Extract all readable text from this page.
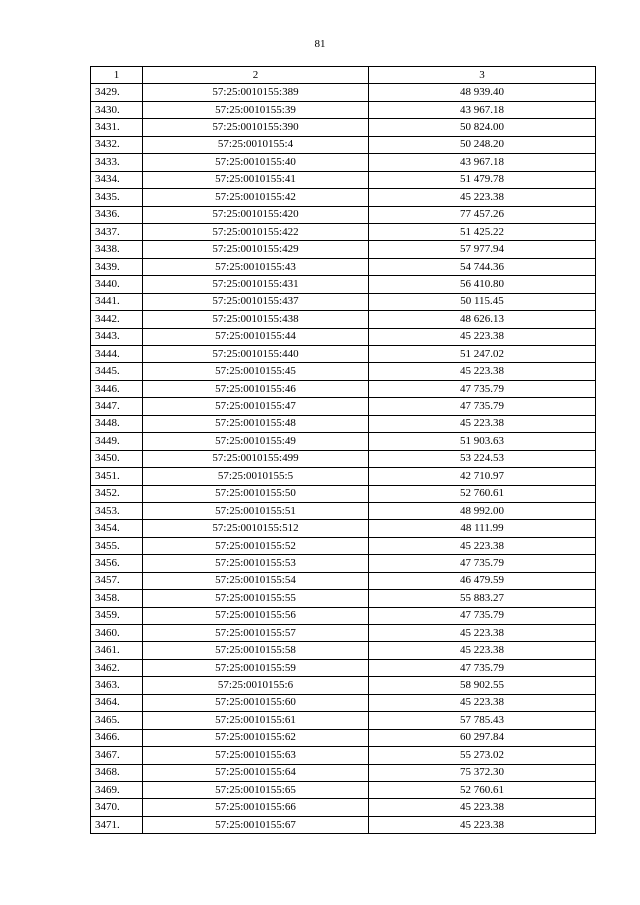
81
1	2	3
3429.	57:25:0010155:389	48 939.40
3430.	57:25:0010155:39	43 967.18
3431.	57:25:0010155:390	50 824.00
3432.	57:25:0010155:4	50 248.20
3433.	57:25:0010155:40	43 967.18
3434.	57:25:0010155:41	51 479.78
3435.	57:25:0010155:42	45 223.38
3436.	57:25:0010155:420	77 457.26
3437.	57:25:0010155:422	51 425.22
3438.	57:25:0010155:429	57 977.94
3439.	57:25:0010155:43	54 744.36
3440.	57:25:0010155:431	56 410.80
3441.	57:25:0010155:437	50 115.45
3442.	57:25:0010155:438	48 626.13
3443.	57:25:0010155:44	45 223.38
3444.	57:25:0010155:440	51 247.02
3445.	57:25:0010155:45	45 223.38
3446.	57:25:0010155:46	47 735.79
3447.	57:25:0010155:47	47 735.79
3448.	57:25:0010155:48	45 223.38
3449.	57:25:0010155:49	51 903.63
3450.	57:25:0010155:499	53 224.53
3451.	57:25:0010155:5	42 710.97
3452.	57:25:0010155:50	52 760.61
3453.	57:25:0010155:51	48 992.00
3454.	57:25:0010155:512	48 111.99
3455.	57:25:0010155:52	45 223.38
3456.	57:25:0010155:53	47 735.79
3457.	57:25:0010155:54	46 479.59
3458.	57:25:0010155:55	55 883.27
3459.	57:25:0010155:56	47 735.79
3460.	57:25:0010155:57	45 223.38
3461.	57:25:0010155:58	45 223.38
3462.	57:25:0010155:59	47 735.79
3463.	57:25:0010155:6	58 902.55
3464.	57:25:0010155:60	45 223.38
3465.	57:25:0010155:61	57 785.43
3466.	57:25:0010155:62	60 297.84
3467.	57:25:0010155:63	55 273.02
3468.	57:25:0010155:64	75 372.30
3469.	57:25:0010155:65	52 760.61
3470.	57:25:0010155:66	45 223.38
3471.	57:25:0010155:67	45 223.38
